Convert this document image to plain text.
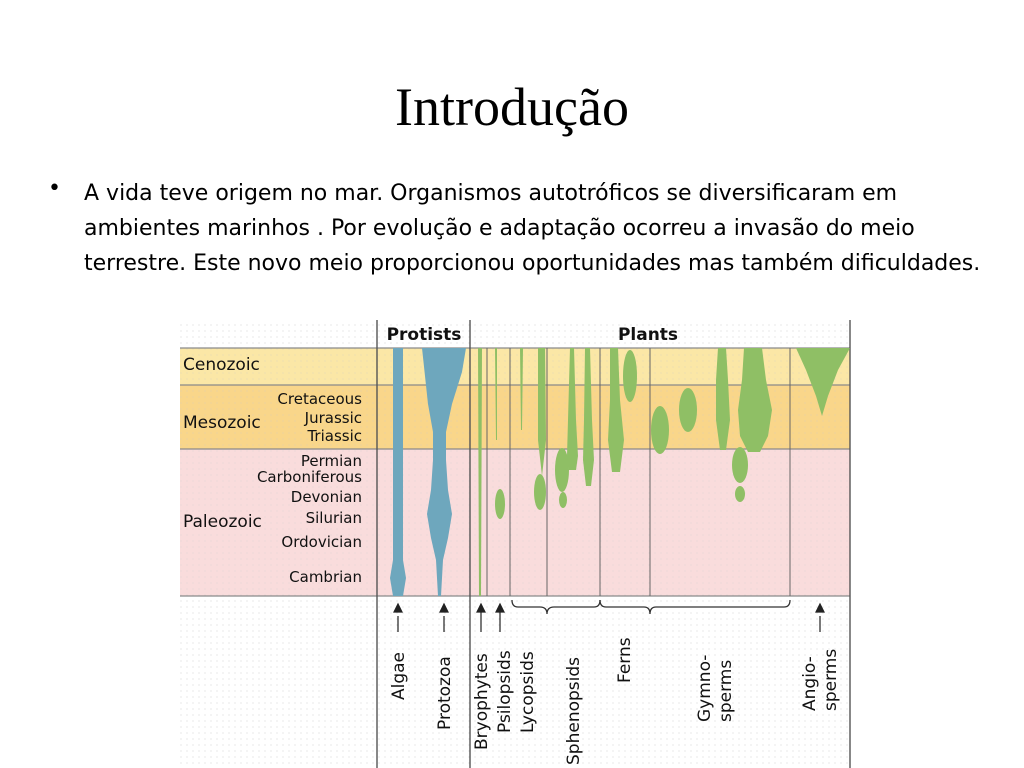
Introdução
• A vida teve origem no mar. Organismos autotróficos se diversificaram em ambientes marinhos . Por evolução e adaptação ocorreu a invasão do meio terrestre. Este novo meio proporcionou oportunidades mas também dificuldades.
Protists	Plants
Cenozoic
Mesozoic
Paleozoic
Cretaceous
Jurassic
Triassic
Permian
Carboniferous
Devonian
Silurian
Ordovician
Cambrian
Algae Protozoa Bryophytes Psilopsids Lycopsids Sphenopsids Ferns	Gymno- sperms	Angio- sperms
